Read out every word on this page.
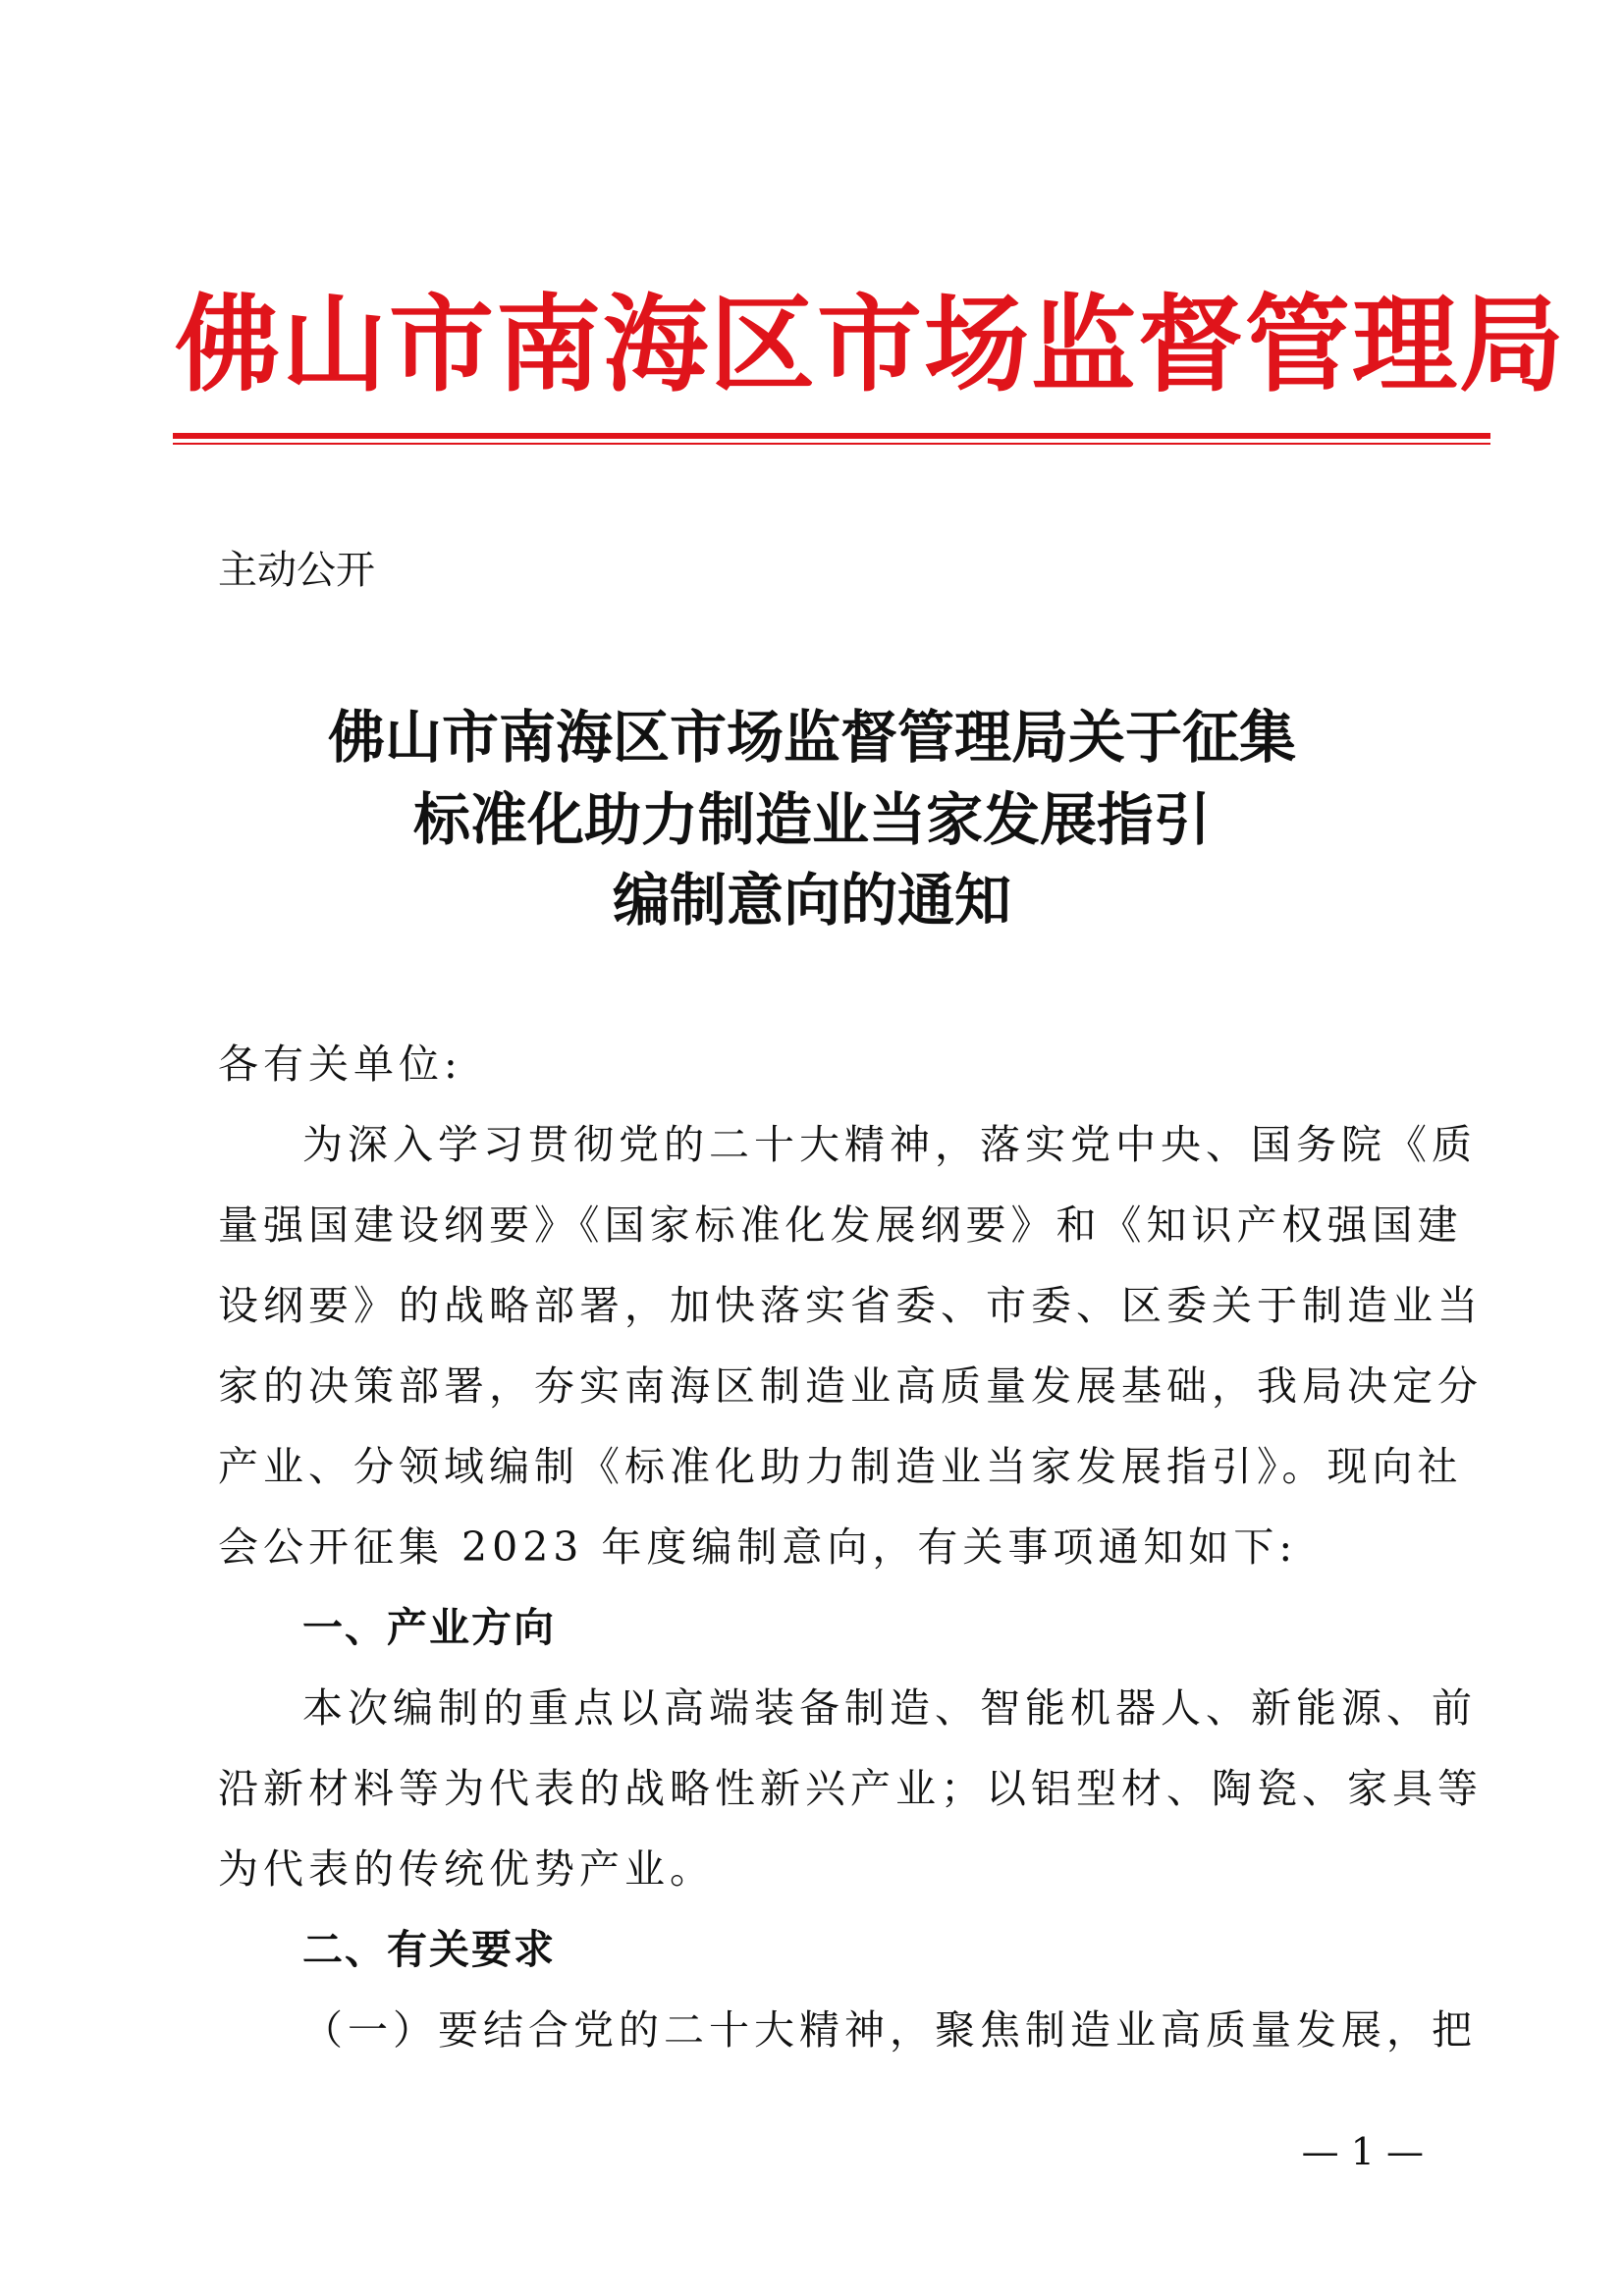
佛山市南海区市场监督管理局
主动公开
佛山市南海区市场监督管理局关于征集
标准化助力制造业当家发展指引
编制意向的通知
各有关单位:
为深入学习贯彻党的二十大精神，落实党中央、国务院《质
量强国建设纲要》《国家标准化发展纲要》和《知识产权强国建
设纲要》的战略部署，加快落实省委、市委、区委关于制造业当
家的决策部署，夯实南海区制造业高质量发展基础，我局决定分
产业、分领域编制《标准化助力制造业当家发展指引》。现向社
会公开征集 2023 年度编制意向，有关事项通知如下:
一、产业方向
本次编制的重点以高端装备制造、智能机器人、新能源、前
沿新材料等为代表的战略性新兴产业；以铝型材、陶瓷、家具等
为代表的传统优势产业。
二、有关要求
（一）要结合党的二十大精神，聚焦制造业高质量发展，把
— 1 —
